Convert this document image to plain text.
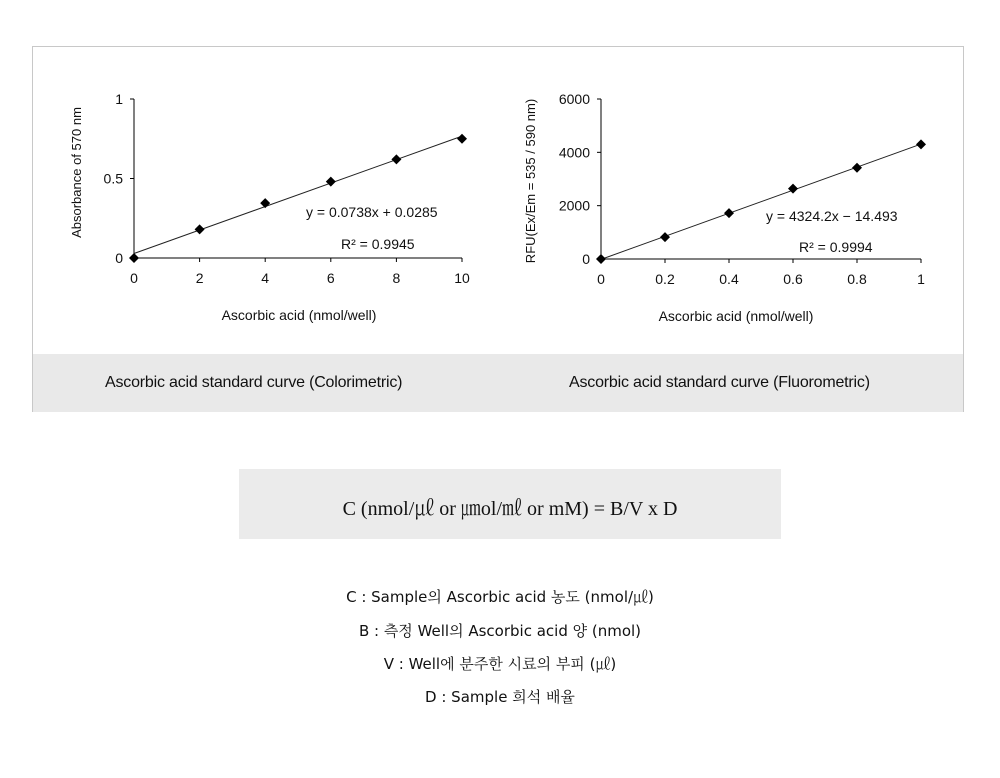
Ascorbic acid standard curve (Colorimetric)	Ascorbic acid standard curve (Fluorometric)
0	2	4	6	8	10
0
0.5
1
Ascorbic acid (nmol/well)
Absorbance of 570 nm	y = 0.0738x + 0.0285
R² = 0.9945
0	0.2	0.4	0.6	0.8	1
0
2000
4000
6000
Ascorbic acid (nmol/well)
RFU(Ex/Em = 535 / 590 nm)	y = 4324.2x − 14.493
R² = 0.9994
C (nmol/㎕ or ㎛ol/㎖ or mM) = B/V x D
C : Sample의 Ascorbic acid 농도 (nmol/㎕)
B : 측정 Well의 Ascorbic acid 양 (nmol)
V : Well에 분주한 시료의 부피 (㎕)
D : Sample 희석 배율
